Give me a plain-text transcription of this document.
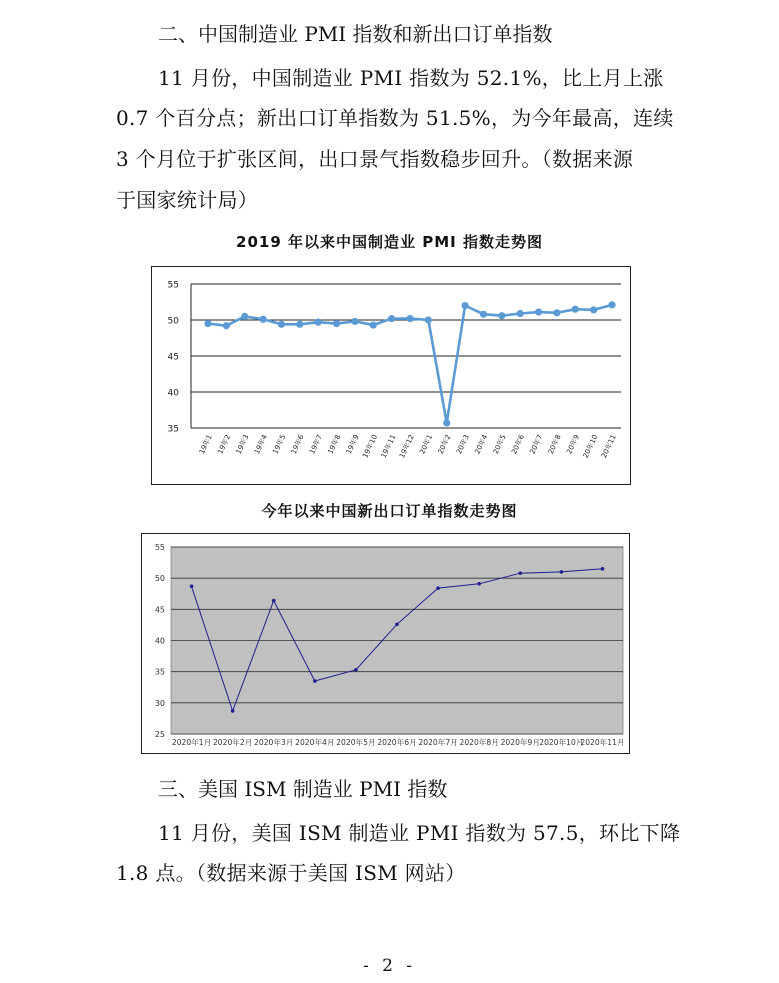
二、中国制造业 PMI 指数和新出口订单指数
11 月份，中国制造业 PMI 指数为 52.1%，比上月上涨
0.7 个百分点；新出口订单指数为 51.5%，为今年最高，连续
3 个月位于扩张区间，出口景气指数稳步回升。（数据来源
于国家统计局）
2019 年以来中国制造业 PMI 指数走势图
35
40
45
50
55
19年1 19年2 19年3 19年4 19年5 19年6 19年7 19年8 19年9 19年10 19年11 19年12 20年1 20年2 20年3 20年4 20年5 20年6 20年7 20年8 20年9 20年10 20年11
今年以来中国新出口订单指数走势图
25
30
35
40
45
50
55
2020年1月 2020年2月 2020年3月 2020年4月 2020年5月 2020年6月 2020年7月 2020年8月 2020年9月 2020年10月
2020年11月
三、美国 ISM 制造业 PMI 指数
11 月份，美国 ISM 制造业 PMI 指数为 57.5，环比下降
1.8 点。（数据来源于美国 ISM 网站）
- 2 -
